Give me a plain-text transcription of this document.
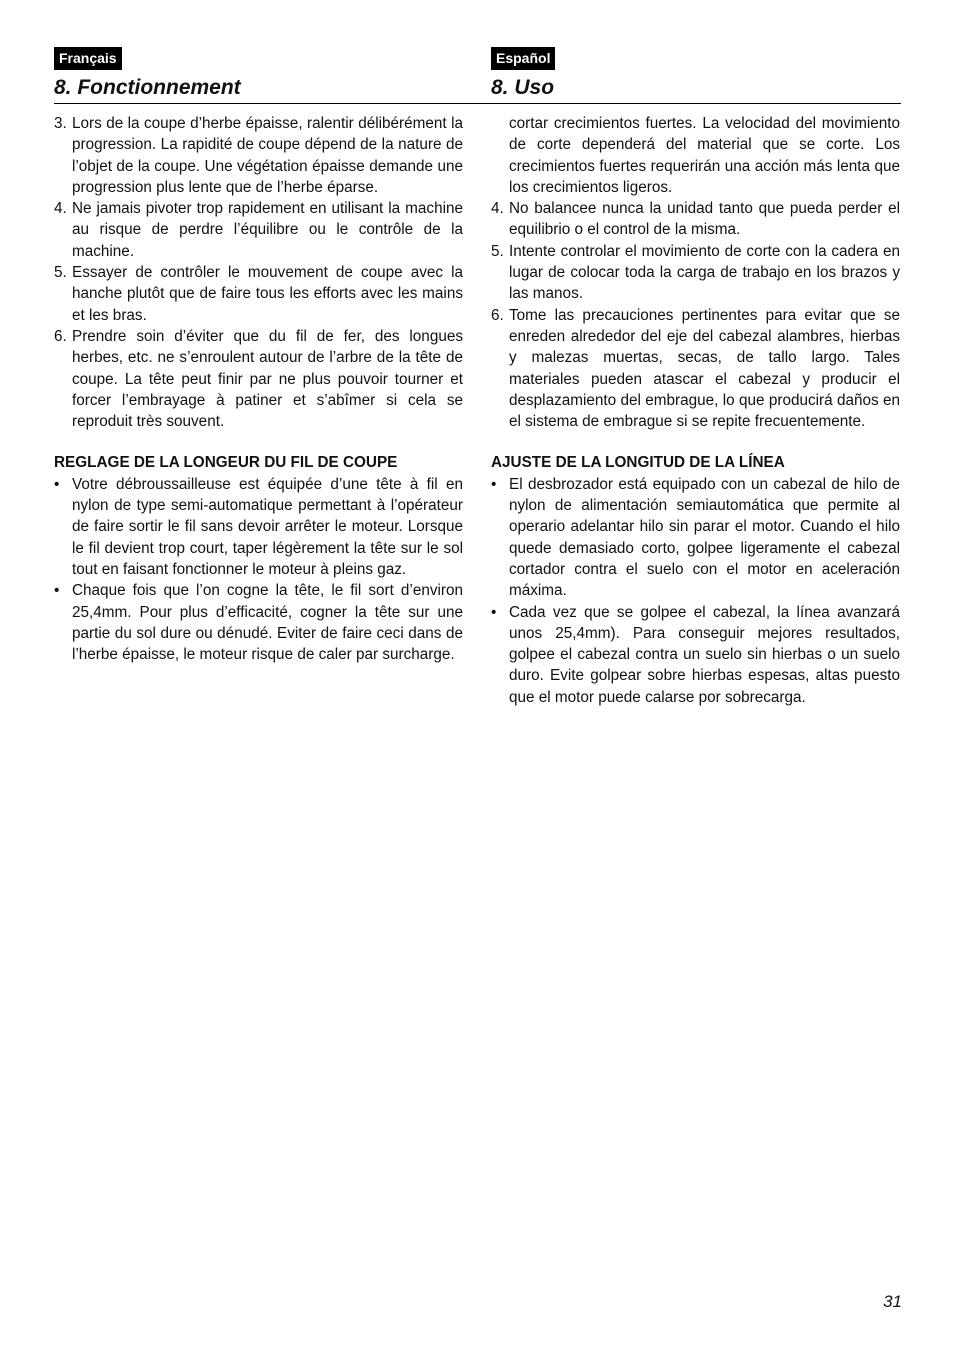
Français
8. Fonctionnement
Español
8. Uso
3. Lors de la coupe d’herbe épaisse, ralentir délibérément la progression. La rapidité de coupe dépend de la nature de l’objet de la coupe. Une végétation épaisse demande une progression plus lente que de l’herbe éparse.
4. Ne jamais pivoter trop rapidement en utilisant la machine au risque de perdre l’équilibre ou le contrôle de la machine.
5. Essayer de contrôler le mouvement de coupe avec la hanche plutôt que de faire tous les efforts avec les mains et les bras.
6. Prendre soin d’éviter que du fil de fer, des longues herbes, etc. ne s’enroulent autour de l’arbre de la tête de coupe. La tête peut finir par ne plus pouvoir tourner et forcer l’embrayage à patiner et s’abîmer si cela se reproduit très souvent.
REGLAGE DE LA LONGEUR DU FIL DE COUPE
• Votre débroussailleuse est équipée d’une tête à fil en nylon de type semi-automatique permettant à l’opérateur de faire sortir le fil sans devoir arrêter le moteur. Lorsque le fil devient trop court, taper légèrement la tête sur le sol tout en faisant fonctionner le moteur à pleins gaz.
• Chaque fois que l’on cogne la tête, le fil sort d’environ 25,4mm. Pour plus d’efficacité, cogner la tête sur une partie du sol dure ou dénudé. Eviter de faire ceci dans de l’herbe épaisse, le moteur risque de caler par surcharge.
cortar crecimientos fuertes. La velocidad del movimiento de corte dependerá del material que se corte. Los crecimientos fuertes requerirán una acción más lenta que los crecimientos ligeros.
4. No balancee nunca la unidad tanto que pueda perder el equilibrio o el control de la misma.
5. Intente controlar el movimiento de corte con la cadera en lugar de colocar toda la carga de trabajo en los brazos y las manos.
6. Tome las precauciones pertinentes para evitar que se enreden alrededor del eje del cabezal alambres, hierbas y malezas muertas, secas, de tallo largo. Tales materiales pueden atascar el cabezal y producir el desplazamiento del embrague, lo que producirá daños en el sistema de embrague si se repite frecuentemente.
AJUSTE DE LA LONGITUD DE LA LÍNEA
• El desbrozador está equipado con un cabezal de hilo de nylon de alimentación semiautomática que permite al operario adelantar hilo sin parar el motor. Cuando el hilo quede demasiado corto, golpee ligeramente el cabezal cortador contra el suelo con el motor en aceleración máxima.
• Cada vez que se golpee el cabezal, la línea avanzará unos 25,4mm). Para conseguir mejores resultados, golpee el cabezal contra un suelo sin hierbas o un suelo duro. Evite golpear sobre hierbas espesas, altas puesto que el motor puede calarse por sobrecarga.
31
